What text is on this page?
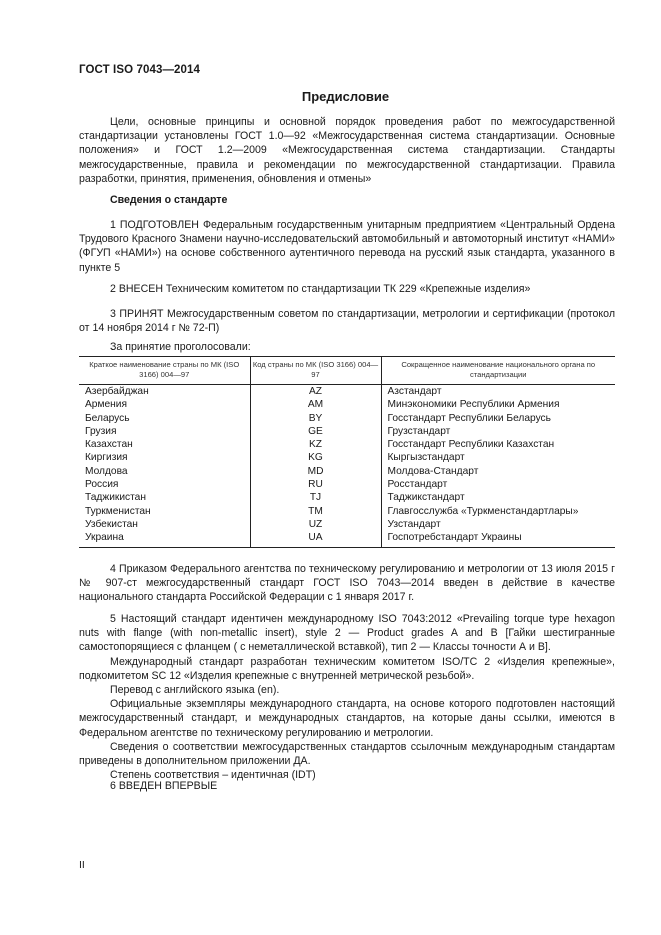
ГОСТ ISO 7043—2014
Предисловие

Цели, основные принципы и основной порядок проведения работ по межгосударственной стандартизации установлены ГОСТ 1.0—92 «Межгосударственная система стандартизации. Основные положения» и ГОСТ 1.2—2009 «Межгосударственная система стандартизации. Стандарты межгосударственные, правила и рекомендации по межгосударственной стандартизации. Правила разработки, принятия, применения, обновления и отмены»

Сведения о стандарте

1 ПОДГОТОВЛЕН Федеральным государственным унитарным предприятием «Центральный Ордена Трудового Красного Знамени научно-исследовательский автомобильный и автомоторный институт «НАМИ» (ФГУП «НАМИ») на основе собственного аутентичного перевода на русский язык стандарта, указанного в пункте 5

2 ВНЕСЕН Техническим комитетом по стандартизации ТК 229 «Крепежные изделия»

3 ПРИНЯТ Межгосударственным советом по стандартизации, метрологии и сертификации (протокол от 14 ноября 2014 г № 72-П)

За принятие проголосовали:
Краткое наименование страны по МК (ISO 3166) 004—97	Код страны по МК (ISO 3166) 004—97	Сокращенное наименование национального органа по стандартизации
Азербайджан	AZ	Азстандарт
Армения	AM	Минэкономики Республики Армения
Беларусь	BY	Госстандарт Республики Беларусь
Грузия	GE	Грузстандарт
Казахстан	KZ	Госстандарт Республики Казахстан
Киргизия	KG	Кыргызстандарт
Молдова	MD	Молдова-Стандарт
Россия	RU	Росстандарт
Таджикистан	TJ	Таджикстандарт
Туркменистан	TM	Главгосслужба «Туркменстандартлары»
Узбекистан	UZ	Узстандарт
Украина	UA	Госпотребстандарт Украины

4 Приказом Федерального агентства по техническому регулированию и метрологии от 13 июля 2015 г № 907-ст межгосударственный стандарт ГОСТ ISO 7043—2014 введен в действие в качестве национального стандарта Российской Федерации с 1 января 2017 г.

5 Настоящий стандарт идентичен международному ISO 7043:2012 «Prevailing torque type hexagon nuts with flange (with non-metallic insert), style 2 — Product grades A and B [Гайки шестигранные самостопорящиеся с фланцем ( с неметаллической вставкой), тип 2 — Классы точности А и В].

Международный стандарт разработан техническим комитетом ISO/TC 2 «Изделия крепежные», подкомитетом SC 12 «Изделия крепежные с внутренней метрической резьбой».

Перевод с английского языка (en).

Официальные экземпляры международного стандарта, на основе которого подготовлен настоящий межгосударственный стандарт, и международных стандартов, на которые даны ссылки, имеются в Федеральном агентстве по техническому регулированию и метрологии.

Сведения о соответствии межгосударственных стандартов ссылочным международным стандартам приведены в дополнительном приложении ДА.

Степень соответствия – идентичная (IDT)

6 ВВЕДЕН ВПЕРВЫЕ

II
